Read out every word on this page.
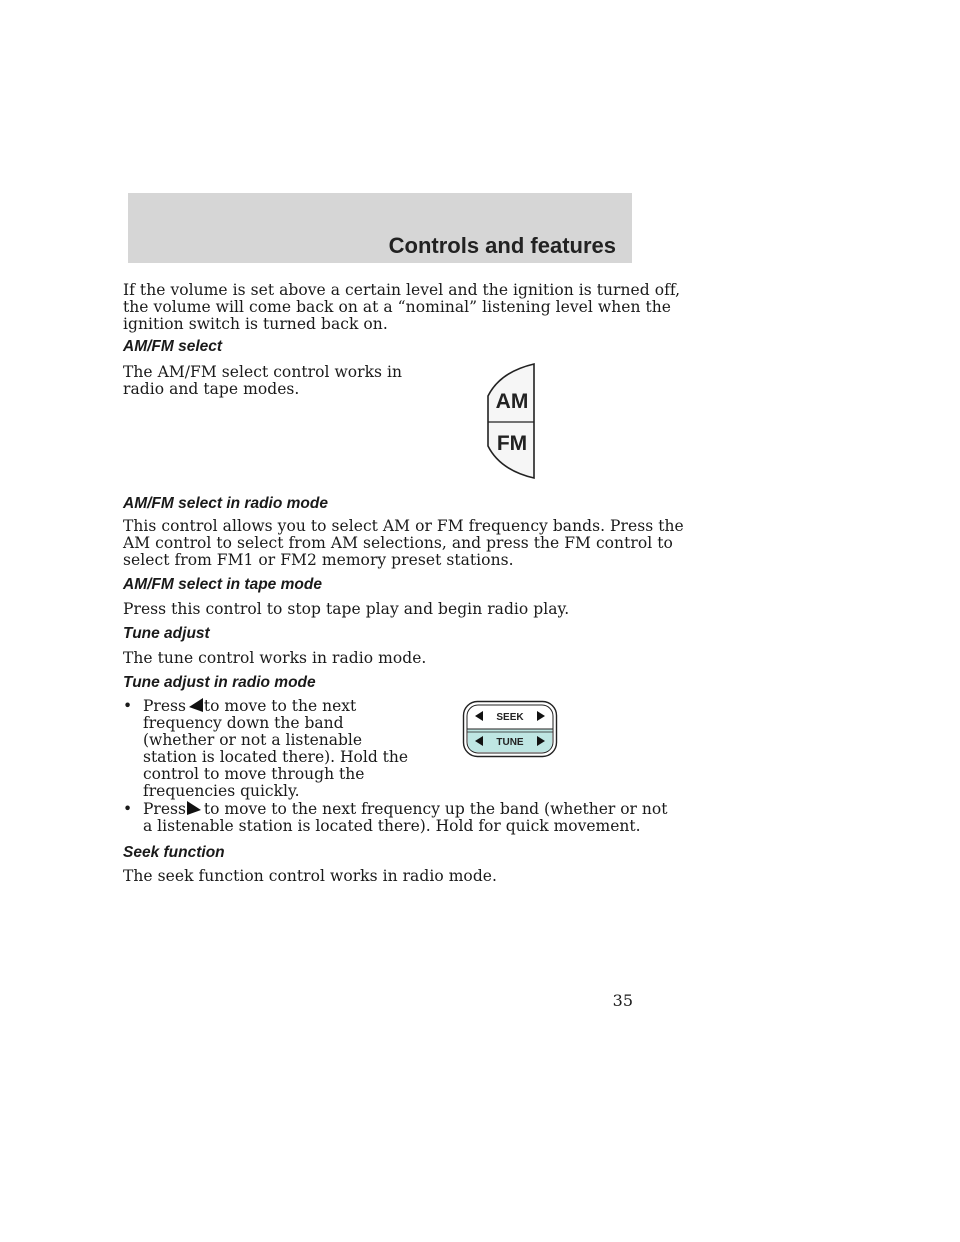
Controls and features
If the volume is set above a certain level and the ignition is turned off,
the volume will come back on at a “nominal” listening level when the
ignition switch is turned back on.
AM/FM select
The AM/FM select control works in
radio and tape modes.
AM
FM
AM/FM select in radio mode
This control allows you to select AM or FM frequency bands. Press the
AM control to select from AM selections, and press the FM control to
select from FM1 or FM2 memory preset stations.
AM/FM select in tape mode
Press this control to stop tape play and begin radio play.
Tune adjust
The tune control works in radio mode.
Tune adjust in radio mode
• Press to move to the next
frequency down the band
(whether or not a listenable
station is located there). Hold the
control to move through the
frequencies quickly.
SEEK
TUNE
• Press to move to the next frequency up the band (whether or not
a listenable station is located there). Hold for quick movement.
Seek function
The seek function control works in radio mode.
35
